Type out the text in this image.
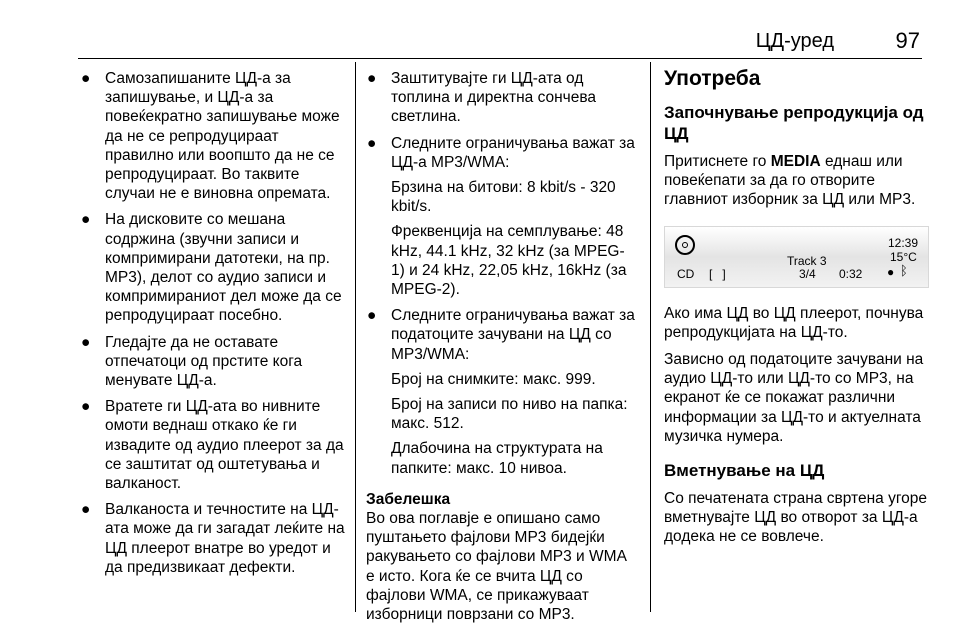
ЦД-уред	97
● Самозапишаните ЦД-а за запишување, и ЦД-а за повеќекратно запишување може да не се репродуцираат правилно или воопшто да не се репродуцираат. Во таквите случаи не е виновна опремата.
● На дисковите со мешана содржина (звучни записи и компримирани датотеки, на пр. MP3), делот со аудио записи и компримираниот дел може да се репродуцираат посебно.
● Гледајте да не оставате отпечатоци од прстите кога менувате ЦД-а.
● Вратете ги ЦД-ата во нивните омоти веднаш откако ќе ги извадите од аудио плеерот за да се заштитат од оштетувања и валканост.
● Валканоста и течностите на ЦД-ата може да ги загадат леќите на ЦД плеерот внатре во уредот и да предизвикаат дефекти.
● Заштитувајте ги ЦД-ата од топлина и директна сончева светлина.
● Следните ограничувања важат за ЦД-а MP3/WMA:
Брзина на битови: 8 kbit/s - 320 kbit/s.
Фреквенција на семплување: 48 kHz, 44.1 kHz, 32 kHz (за MPEG-1) и 24 kHz, 22,05 kHz, 16kHz (за MPEG-2).
● Следните ограничувања важат за податоците зачувани на ЦД со MP3/WMA:
Број на снимките: макс. 999.
Број на записи по ниво на папка: макс. 512.
Длабочина на структурата на папките: макс. 10 нивоа.
Забелешка
Во ова поглавје е опишано само пуштањето фајлови MP3 бидејќи ракувањето со фајлови MP3 и WMA е исто. Кога ќе се вчита ЦД со фајлови WMA, се прикажуваат изборници поврзани со MP3.
Употреба
Започнување репродукција од ЦД
Притиснете го MEDIA еднаш или повеќепати за да го отворите главниот изборник за ЦД или MP3.
CD [   ]
Track 3
3/4 0:32
12:39
15°C
● ᛒ
Ако има ЦД во ЦД плеерот, почнува репродукцијата на ЦД-то.
Зависно од податоците зачувани на аудио ЦД-то или ЦД-то со MP3, на екранот ќе се покажат различни информации за ЦД-то и актуелната музичка нумера.
Вметнување на ЦД
Со печатената страна свртена угоре вметнувајте ЦД во отворот за ЦД-а додека не се вовлече.
